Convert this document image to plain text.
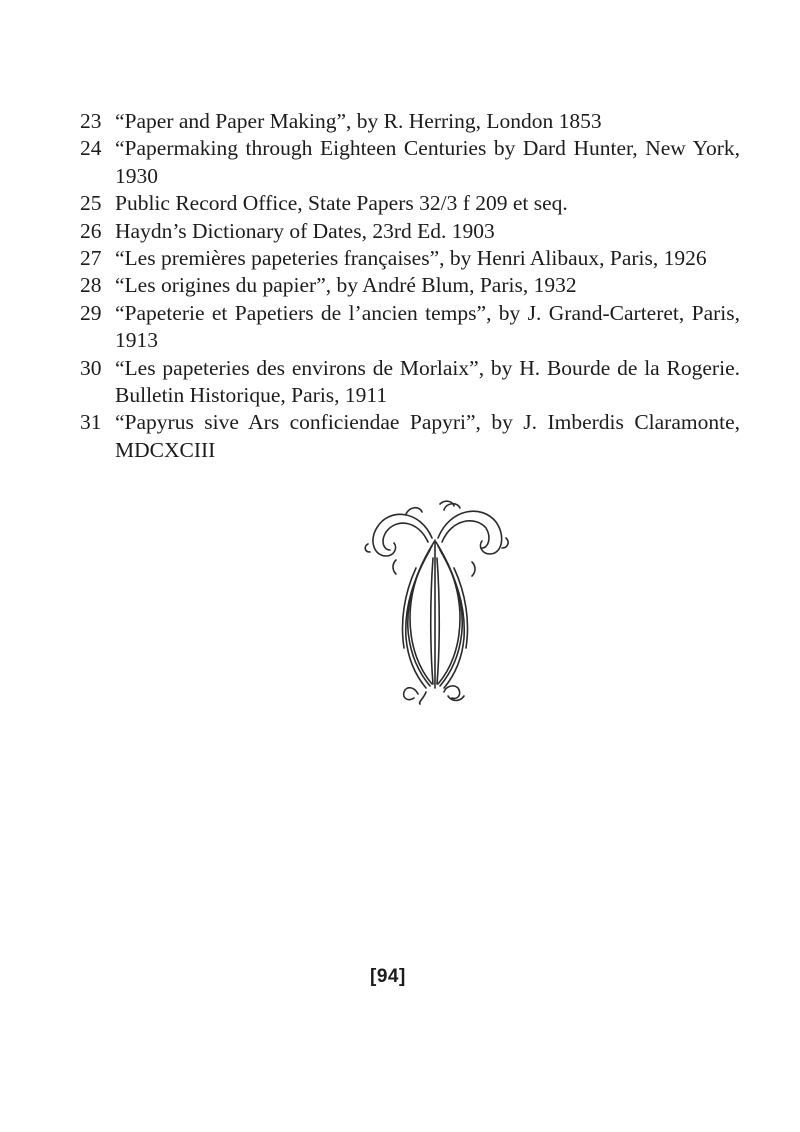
23 “Paper and Paper Making”, by R. Herring, London 1853
24 “Papermaking through Eighteen Centuries by Dard Hunter, New York, 1930
25 Public Record Office, State Papers 32/3 f 209 et seq.
26 Haydn’s Dictionary of Dates, 23rd Ed. 1903
27 “Les premières papeteries françaises”, by Henri Alibaux, Paris, 1926
28 “Les origines du papier”, by André Blum, Paris, 1932
29 “Papeterie et Papetiers de l’ancien temps”, by J. Grand-Carteret, Paris, 1913
30 “Les papeteries des environs de Morlaix”, by H. Bourde de la Rogerie. Bulletin Historique, Paris, 1911
31 “Papyrus sive Ars conficiendae Papyri”, by J. Imberdis Claramonte, MDCXCIII
[94]
